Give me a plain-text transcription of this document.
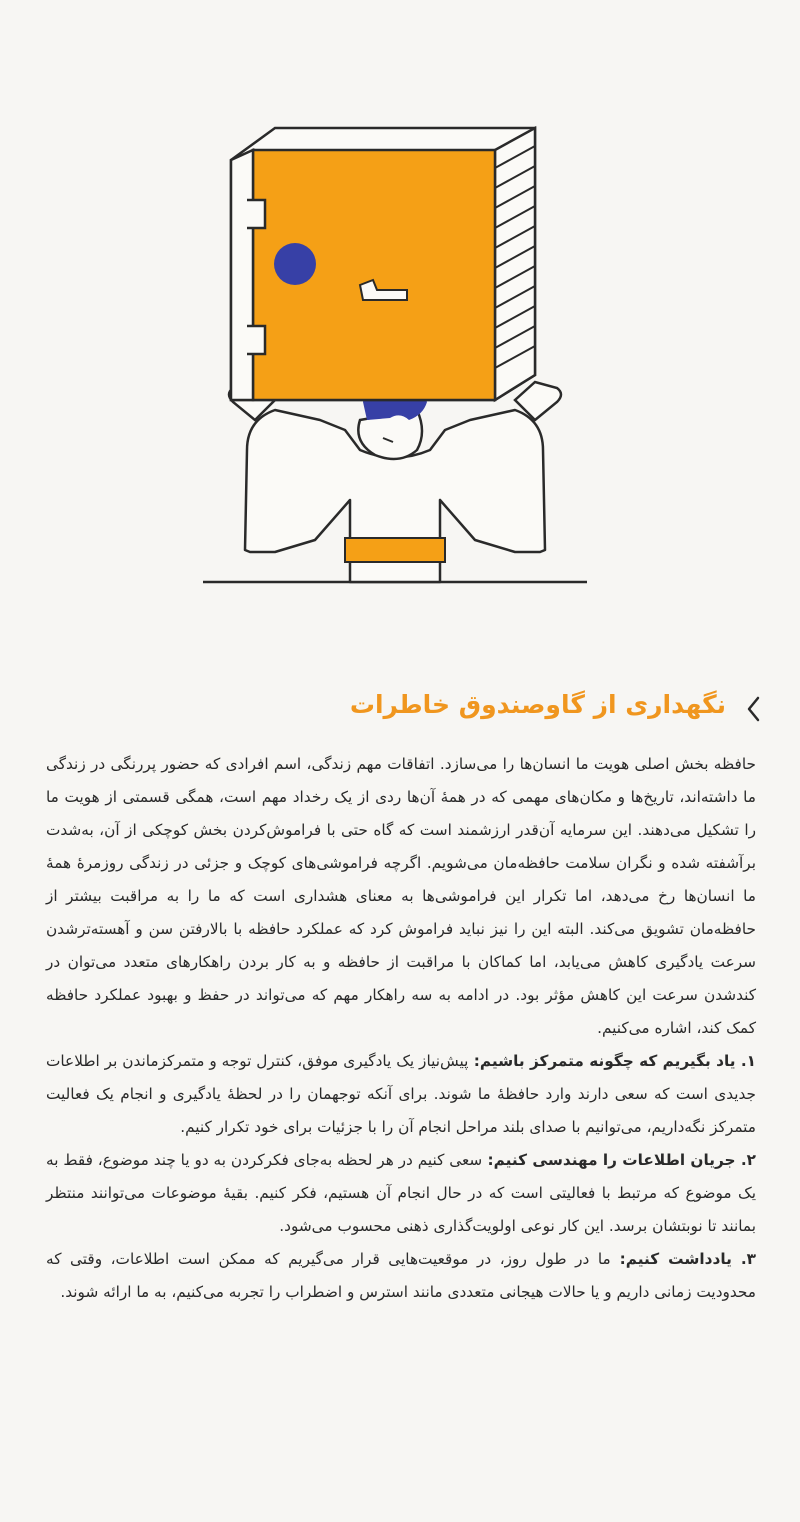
نگهداری از گاوصندوق خاطرات

حافظه بخش اصلی هویت ما انسان‌ها را می‌سازد. اتفاقات مهم زندگی، اسم افرادی که حضور پررنگی در زندگی ما داشته‌اند، تاریخ‌ها و مکان‌های مهمی که در همهٔ آن‌ها ردی از یک رخداد مهم است، همگی قسمتی از هویت ما را تشکیل می‌دهند. این سرمایه آن‌قدر ارزشمند است که گاه حتی با فراموش‌کردن بخش کوچکی از آن، به‌شدت برآشفته شده و نگران سلامت حافظه‌مان می‌شویم. اگرچه فراموشی‌های کوچک و جزئی در زندگی روزمرهٔ همهٔ ما انسان‌ها رخ می‌دهد، اما تکرار این فراموشی‌ها به معنای هشداری است که ما را به مراقبت بیشتر از حافظه‌مان تشویق می‌کند. البته این را نیز نباید فراموش کرد که عملکرد حافظه با بالارفتن سن و آهسته‌ترشدن سرعت یادگیری کاهش می‌یابد، اما کماکان با مراقبت از حافظه و به کار بردن راهکارهای متعدد می‌توان در کندشدن سرعت این کاهش مؤثر بود. در ادامه به سه راهکار مهم که می‌تواند در حفظ و بهبود عملکرد حافظه کمک کند، اشاره می‌کنیم.

۱. یاد بگیریم که چگونه متمرکز باشیم: پیش‌نیاز یک یادگیری موفق، کنترل توجه و متمرکزماندن بر اطلاعات جدیدی است که سعی دارند وارد حافظهٔ ما شوند. برای آنکه توجهمان را در لحظهٔ یادگیری و انجام یک فعالیت متمرکز نگه‌داریم، می‌توانیم با صدای بلند مراحل انجام آن را با جزئیات برای خود تکرار کنیم.

۲. جریان اطلاعات را مهندسی کنیم: سعی کنیم در هر لحظه به‌جای فکرکردن به دو یا چند موضوع، فقط به یک موضوع که مرتبط با فعالیتی است که در حال انجام آن هستیم، فکر کنیم. بقیهٔ موضوعات می‌توانند منتظر بمانند تا نوبتشان برسد. این کار نوعی اولویت‌گذاری ذهنی محسوب می‌شود.

۳. یادداشت کنیم: ما در طول روز، در موقعیت‌هایی قرار می‌گیریم که ممکن است اطلاعات، وقتی که محدودیت زمانی داریم و یا حالات هیجانی متعددی مانند استرس و اضطراب را تجربه می‌کنیم، به ما ارائه شوند.
